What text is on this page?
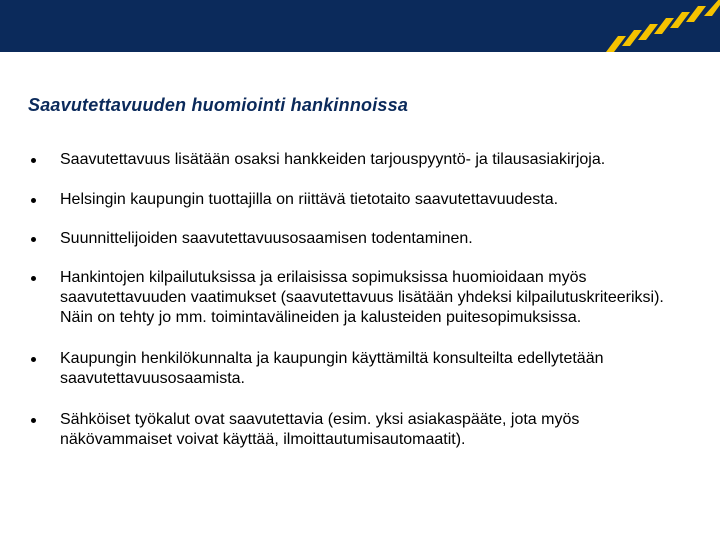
Saavutettavuuden huomiointi hankinnoissa
Saavutettavuus lisätään osaksi hankkeiden tarjouspyyntö- ja tilausasiakirjoja.
Helsingin kaupungin tuottajilla on riittävä tietotaito saavutettavuudesta.
Suunnittelijoiden saavutettavuusosaamisen todentaminen.
Hankintojen kilpailutuksissa ja erilaisissa sopimuksissa huomioidaan myös saavutettavuuden vaatimukset (saavutettavuus lisätään yhdeksi kilpailutuskriteeriksi). Näin on tehty jo mm. toimintavälineiden ja kalusteiden puitesopimuksissa.
Kaupungin henkilökunnalta ja kaupungin käyttämiltä konsulteilta edellytetään saavutettavuusosaamista.
Sähköiset työkalut ovat saavutettavia (esim. yksi asiakaspääte, jota myös näkövammaiset voivat käyttää, ilmoittautumisautomaatit).
